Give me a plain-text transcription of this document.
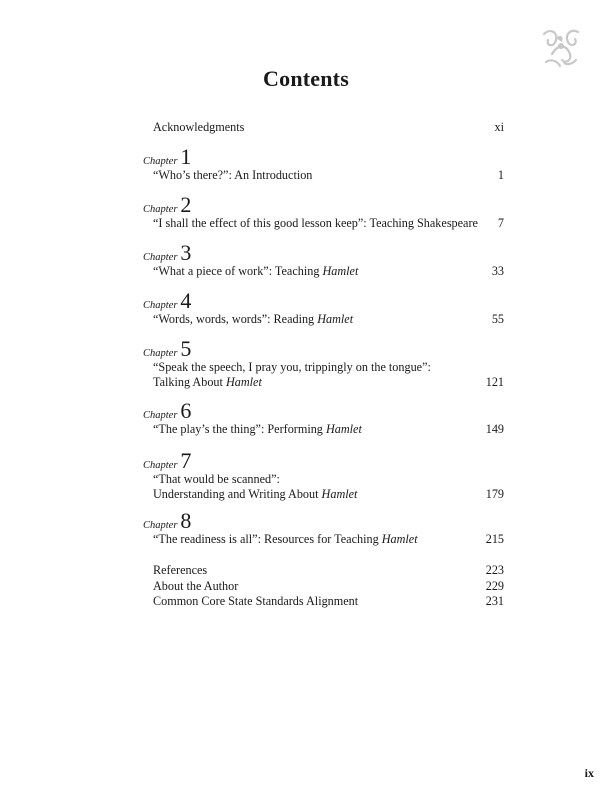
Contents
Acknowledgments	xi
Chapter 1
“Who’s there?”: An Introduction	1
Chapter 2
“I shall the effect of this good lesson keep”: Teaching Shakespeare	7
Chapter 3
“What a piece of work”: Teaching Hamlet	33
Chapter 4
“Words, words, words”: Reading Hamlet	55
Chapter 5
“Speak the speech, I pray you, trippingly on the tongue”:
Talking About Hamlet	121
Chapter 6
“The play’s the thing”: Performing Hamlet	149
Chapter 7
“That would be scanned”:
Understanding and Writing About Hamlet	179
Chapter 8
“The readiness is all”: Resources for Teaching Hamlet	215
References	223
About the Author	229
Common Core State Standards Alignment	231
ix
